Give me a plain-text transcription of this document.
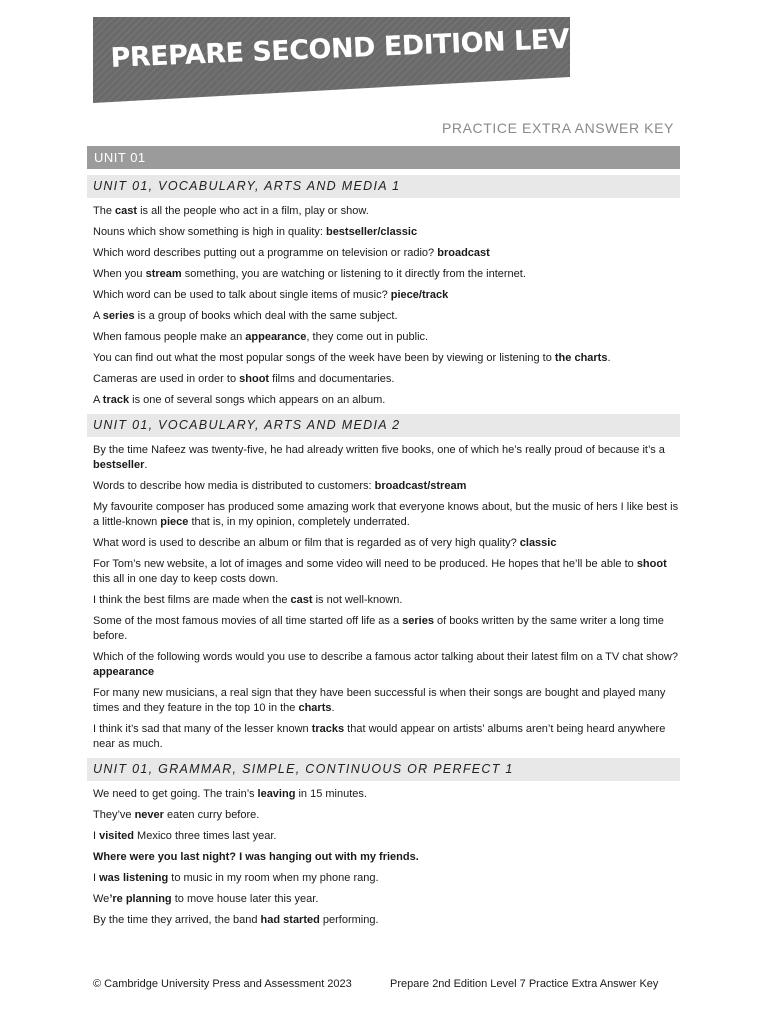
PREPARE SECOND EDITION LEVEL 7
PRACTICE EXTRA ANSWER KEY
UNIT 01
UNIT 01, VOCABULARY, ARTS AND MEDIA 1
The cast is all the people who act in a film, play or show.
Nouns which show something is high in quality: bestseller/classic
Which word describes putting out a programme on television or radio? broadcast
When you stream something, you are watching or listening to it directly from the internet.
Which word can be used to talk about single items of music? piece/track
A series is a group of books which deal with the same subject.
When famous people make an appearance, they come out in public.
You can find out what the most popular songs of the week have been by viewing or listening to the charts.
Cameras are used in order to shoot films and documentaries.
A track is one of several songs which appears on an album.
UNIT 01, VOCABULARY, ARTS AND MEDIA 2
By the time Nafeez was twenty-five, he had already written five books, one of which he’s really proud of because it’s a bestseller.
Words to describe how media is distributed to customers: broadcast/stream
My favourite composer has produced some amazing work that everyone knows about, but the music of hers I like best is a little-known piece that is, in my opinion, completely underrated.
What word is used to describe an album or film that is regarded as of very high quality? classic
For Tom’s new website, a lot of images and some video will need to be produced. He hopes that he’ll be able to shoot this all in one day to keep costs down.
I think the best films are made when the cast is not well-known.
Some of the most famous movies of all time started off life as a series of books written by the same writer a long time before.
Which of the following words would you use to describe a famous actor talking about their latest film on a TV chat show? appearance
For many new musicians, a real sign that they have been successful is when their songs are bought and played many times and they feature in the top 10 in the charts.
I think it’s sad that many of the lesser known tracks that would appear on artists’ albums aren’t being heard anywhere near as much.
UNIT 01, GRAMMAR, SIMPLE, CONTINUOUS OR PERFECT 1
We need to get going. The train’s leaving in 15 minutes.
They’ve never eaten curry before.
I visited Mexico three times last year.
Where were you last night? I was hanging out with my friends.
I was listening to music in my room when my phone rang.
We’re planning to move house later this year.
By the time they arrived, the band had started performing.
© Cambridge University Press and Assessment 2023	Prepare 2nd Edition Level 7 Practice Extra Answer Key
